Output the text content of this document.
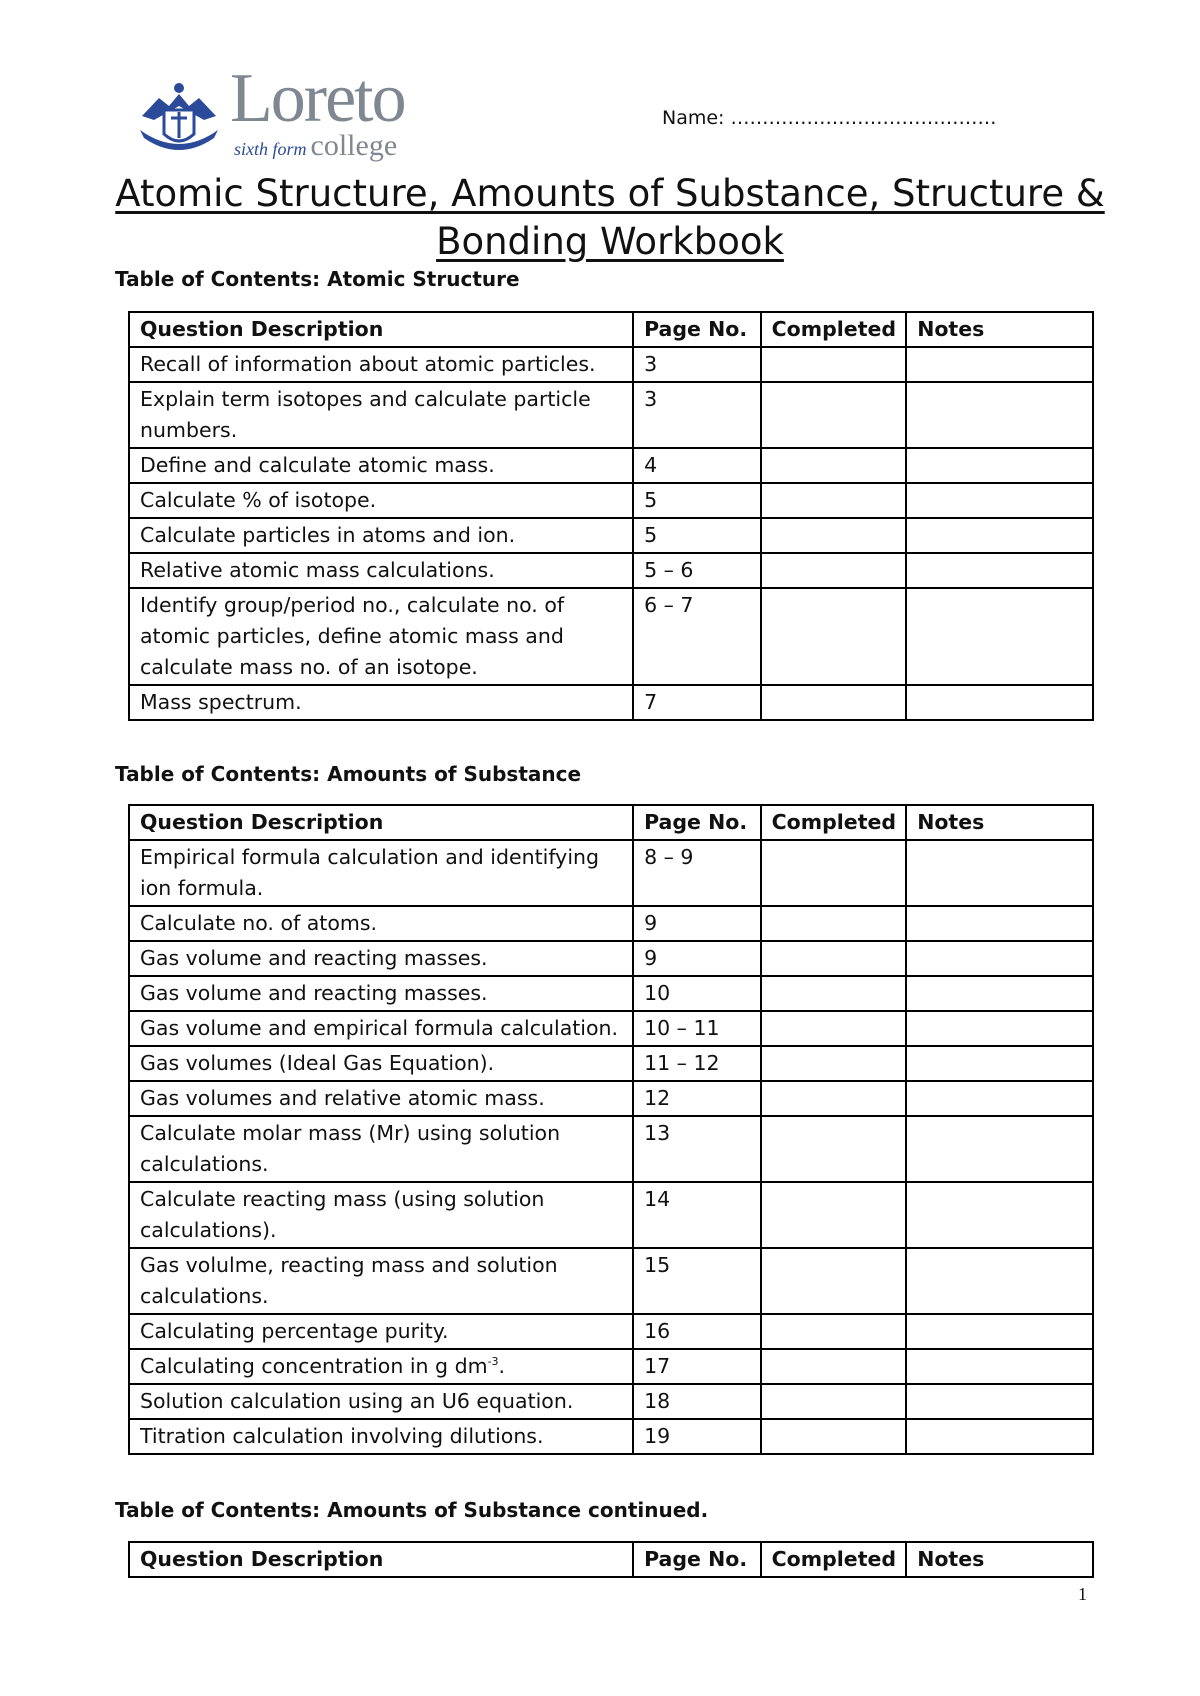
Loreto
sixth form college
Name: ……………………………………
Atomic Structure, Amounts of Substance, Structure & Bonding Workbook
Table of Contents: Atomic Structure
Question Description	Page No.	Completed	Notes
Recall of information about atomic particles.	3		
Explain term isotopes and calculate particle numbers.	3		
Define and calculate atomic mass.	4		
Calculate % of isotope.	5		
Calculate particles in atoms and ion.	5		
Relative atomic mass calculations.	5 – 6		
Identify group/period no., calculate no. of atomic particles, define atomic mass and calculate mass no. of an isotope.	6 – 7		
Mass spectrum.	7		
Table of Contents: Amounts of Substance
Question Description	Page No.	Completed	Notes
Empirical formula calculation and identifying ion formula.	8 – 9		
Calculate no. of atoms.	9		
Gas volume and reacting masses.	9		
Gas volume and reacting masses.	10		
Gas volume and empirical formula calculation.	10 – 11		
Gas volumes (Ideal Gas Equation).	11 – 12		
Gas volumes and relative atomic mass.	12		
Calculate molar mass (Mr) using solution calculations.	13		
Calculate reacting mass (using solution calculations).	14		
Gas volulme, reacting mass and solution calculations.	15		
Calculating percentage purity.	16		
Calculating concentration in g $dm^{-3}$.	17		
Solution calculation using an U6 equation.	18		
Titration calculation involving dilutions.	19		
Table of Contents: Amounts of Substance continued.
Question Description	Page No.	Completed	Notes
1
